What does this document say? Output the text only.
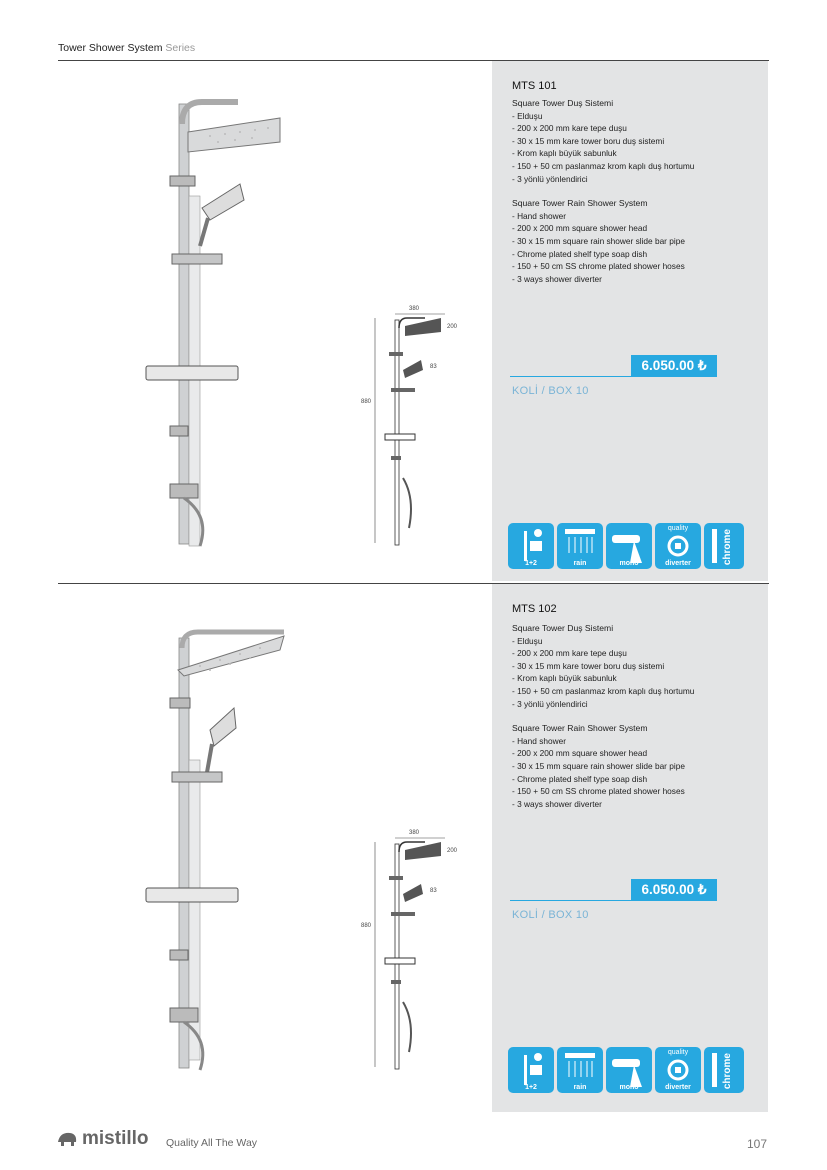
Tower Shower System Series
380
200
83
880
MTS 101

Square Tower Duş Sistemi

- Elduşu

- 200 x 200 mm kare tepe duşu

- 30 x 15 mm kare tower boru duş sistemi

- Krom kaplı büyük sabunluk

- 150 + 50 cm paslanmaz krom kaplı duş hortumu

- 3 yönlü yönlendirici

Square Tower Rain Shower System

- Hand shower

- 200 x 200 mm square shower head

- 30 x 15 mm square rain shower slide bar pipe

- Chrome plated shelf type soap dish

- 150 + 50 cm SS chrome plated shower hoses

- 3 ways shower diverter

6.050.00 ₺
KOLİ / BOX 10
1+2	rain	mono
quality
diverter	chrome
380
200
83
880
MTS 102

Square Tower Duş Sistemi

- Elduşu

- 200 x 200 mm kare tepe duşu

- 30 x 15 mm kare tower boru duş sistemi

- Krom kaplı büyük sabunluk

- 150 + 50 cm paslanmaz krom kaplı duş hortumu

- 3 yönlü yönlendirici

Square Tower Rain Shower System

- Hand shower

- 200 x 200 mm square shower head

- 30 x 15 mm square rain shower slide bar pipe

- Chrome plated shelf type soap dish

- 150 + 50 cm SS chrome plated shower hoses

- 3 ways shower diverter

6.050.00 ₺
KOLİ / BOX 10
1+2	rain	mono
quality
diverter	chrome
mistillo Quality All The Way	107
